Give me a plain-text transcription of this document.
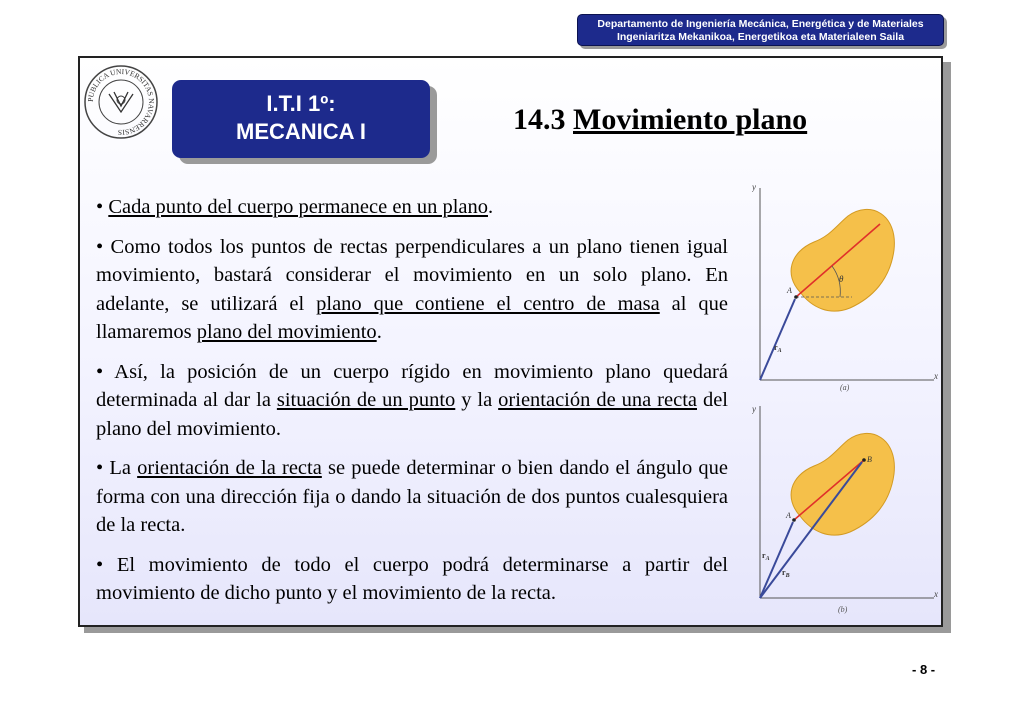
Departamento de Ingeniería Mecánica, Energética y de Materiales
Ingeniaritza Mekanikoa, Energetikoa eta Materialeen Saila
PUBLICA UNIVERSITAS NAVARRENSIS
I.T.I 1º:
MECANICA I	14.3 Movimiento plano

• Cada punto del cuerpo permanece en un plano.

• Como todos los puntos de rectas perpendiculares a un plano tienen igual movimiento, bastará considerar el movimiento en un solo plano. En adelante, se utilizará el plano que contiene el centro de masa al que llamaremos plano del movimiento.

• Así, la posición de un cuerpo rígido en movimiento plano quedará determinada al dar la situación de un punto y la orientación de una recta del plano del movimiento.

• La orientación de la recta se puede determinar o bien dando el ángulo que forma con una dirección fija o dando la situación de dos puntos cualesquiera de la recta.

• El movimiento de todo el cuerpo podrá determinarse a partir del movimiento de dicho punto y el movimiento de la recta.

y
x
θ
A
$r_A$
(a)
y
x
A
B
$r_A$
$r_B$
(b)
- 8 -
